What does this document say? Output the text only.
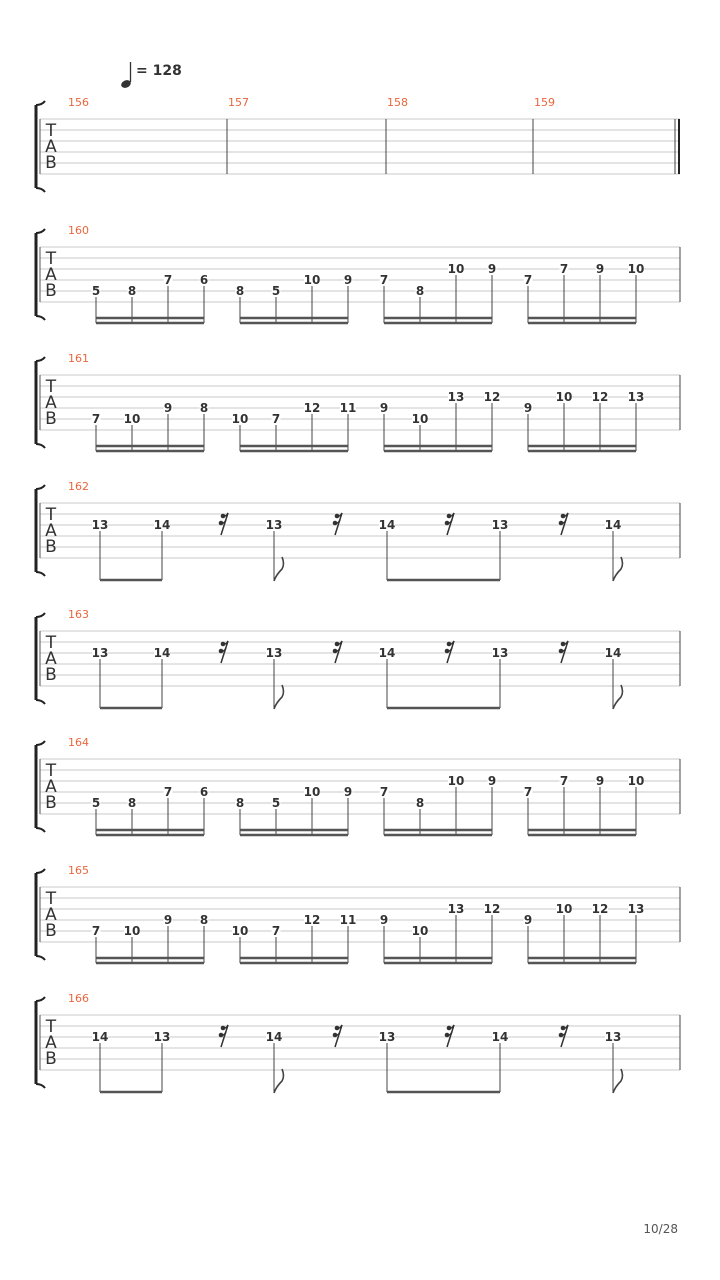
= 128
T
A
B
156	157	158	159
T
A
B
160
5 8
7 6
8 5
10 9 7
8
10 9
7
7 9 10
T
A
B
161
7 10
9 8
10 7
12 11 9
10
13 12
9
10 12 13
T
A
B
162
13	14	13	14	13	14
T
A
B
163
13	14	13	14	13	14
T
A
B
164
5 8
7 6
8 5
10 9 7
8
10 9
7
7 9 10
T
A
B
165
7 10
9 8
10 7
12 11 9
10
13 12
9
10 12 13
T
A
B
166
14	13	14	13	14	13
10/28
